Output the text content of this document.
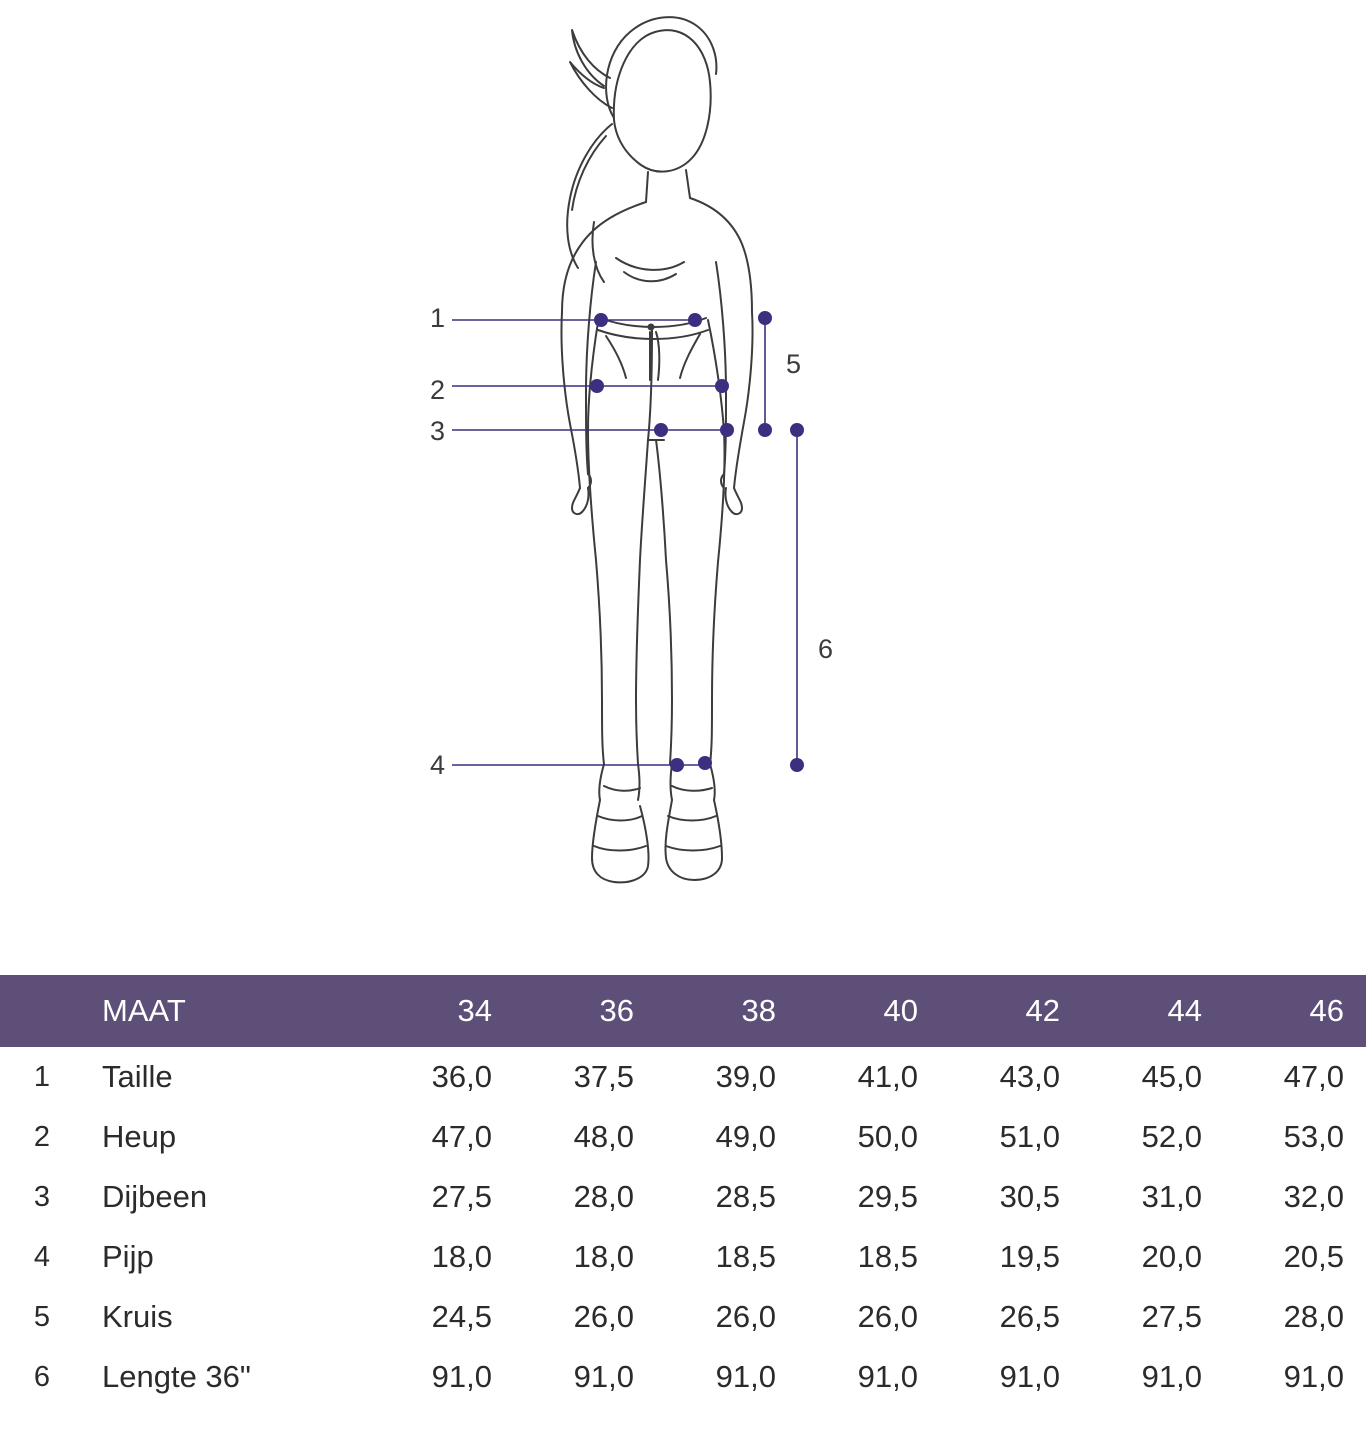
1
2
3
4
5
6
	MAAT	34	36	38	40	42	44	46
1	Taille	36,0	37,5	39,0	41,0	43,0	45,0	47,0
2	Heup	47,0	48,0	49,0	50,0	51,0	52,0	53,0
3	Dijbeen	27,5	28,0	28,5	29,5	30,5	31,0	32,0
4	Pijp	18,0	18,0	18,5	18,5	19,5	20,0	20,5
5	Kruis	24,5	26,0	26,0	26,0	26,5	27,5	28,0
6	Lengte 36"	91,0	91,0	91,0	91,0	91,0	91,0	91,0
